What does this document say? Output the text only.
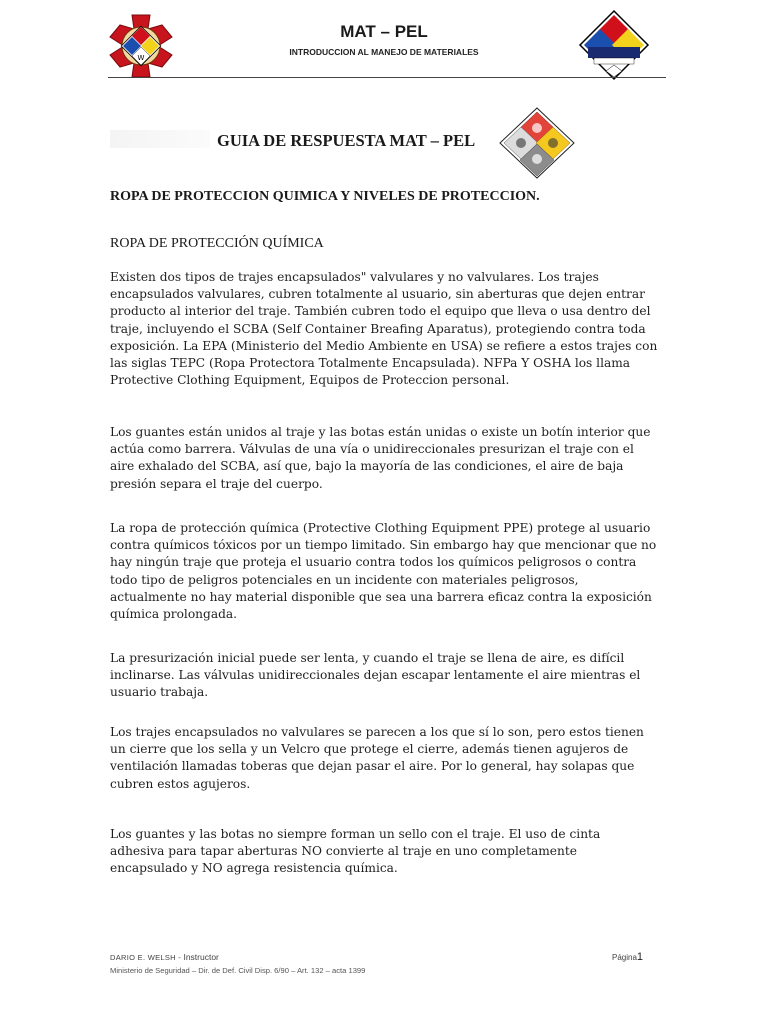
W
MAT – PEL
INTRODUCCION AL MANEJO DE MATERIALES
GUIA DE RESPUESTA MAT – PEL
ROPA DE PROTECCION QUIMICA Y NIVELES DE PROTECCION.
ROPA DE PROTECCIÓN QUÍMICA

Existen dos tipos de trajes encapsulados" valvulares y no valvulares. Los trajes encapsulados valvulares, cubren totalmente al usuario, sin aberturas que dejen entrar producto al interior del traje. También cubren todo el equipo que lleva o usa dentro del traje, incluyendo el SCBA (Self Container Breafing Aparatus), protegiendo contra toda exposición. La EPA (Ministerio del Medio Ambiente en USA) se refiere a estos trajes con las siglas TEPC (Ropa Protectora Totalmente Encapsulada). NFPa Y OSHA los llama Protective Clothing Equipment, Equipos de Proteccion personal.

Los guantes están unidos al traje y las botas están unidas o existe un botín interior que actúa como barrera. Válvulas de una vía o unidireccionales presurizan el traje con el aire exhalado del SCBA, así que, bajo la mayoría de las condiciones, el aire de baja presión separa el traje del cuerpo.

La ropa de protección química (Protective Clothing Equipment PPE) protege al usuario contra químicos tóxicos por un tiempo limitado. Sin embargo hay que mencionar que no hay ningún traje que proteja el usuario contra todos los químicos peligrosos o contra todo tipo de peligros potenciales en un incidente con materiales peligrosos, actualmente no hay material disponible que sea una barrera eficaz contra la exposición química prolongada.

La presurización inicial puede ser lenta, y cuando el traje se llena de aire, es difícil inclinarse. Las válvulas unidireccionales dejan escapar lentamente el aire mientras el usuario trabaja.

Los trajes encapsulados no valvulares se parecen a los que sí lo son, pero estos tienen un cierre que los sella y un Velcro que protege el cierre, además tienen agujeros de ventilación llamadas toberas que dejan pasar el aire. Por lo general, hay solapas que cubren estos agujeros.

Los guantes y las botas no siempre forman un sello con el traje. El uso de cinta adhesiva para tapar aberturas NO convierte al traje en uno completamente encapsulado y NO agrega resistencia química.

DARIO E. WELSH - Instructor
Ministerio de Seguridad – Dir. de Def. Civil Disp. 6/90 – Art. 132 – acta 1399
Página1
